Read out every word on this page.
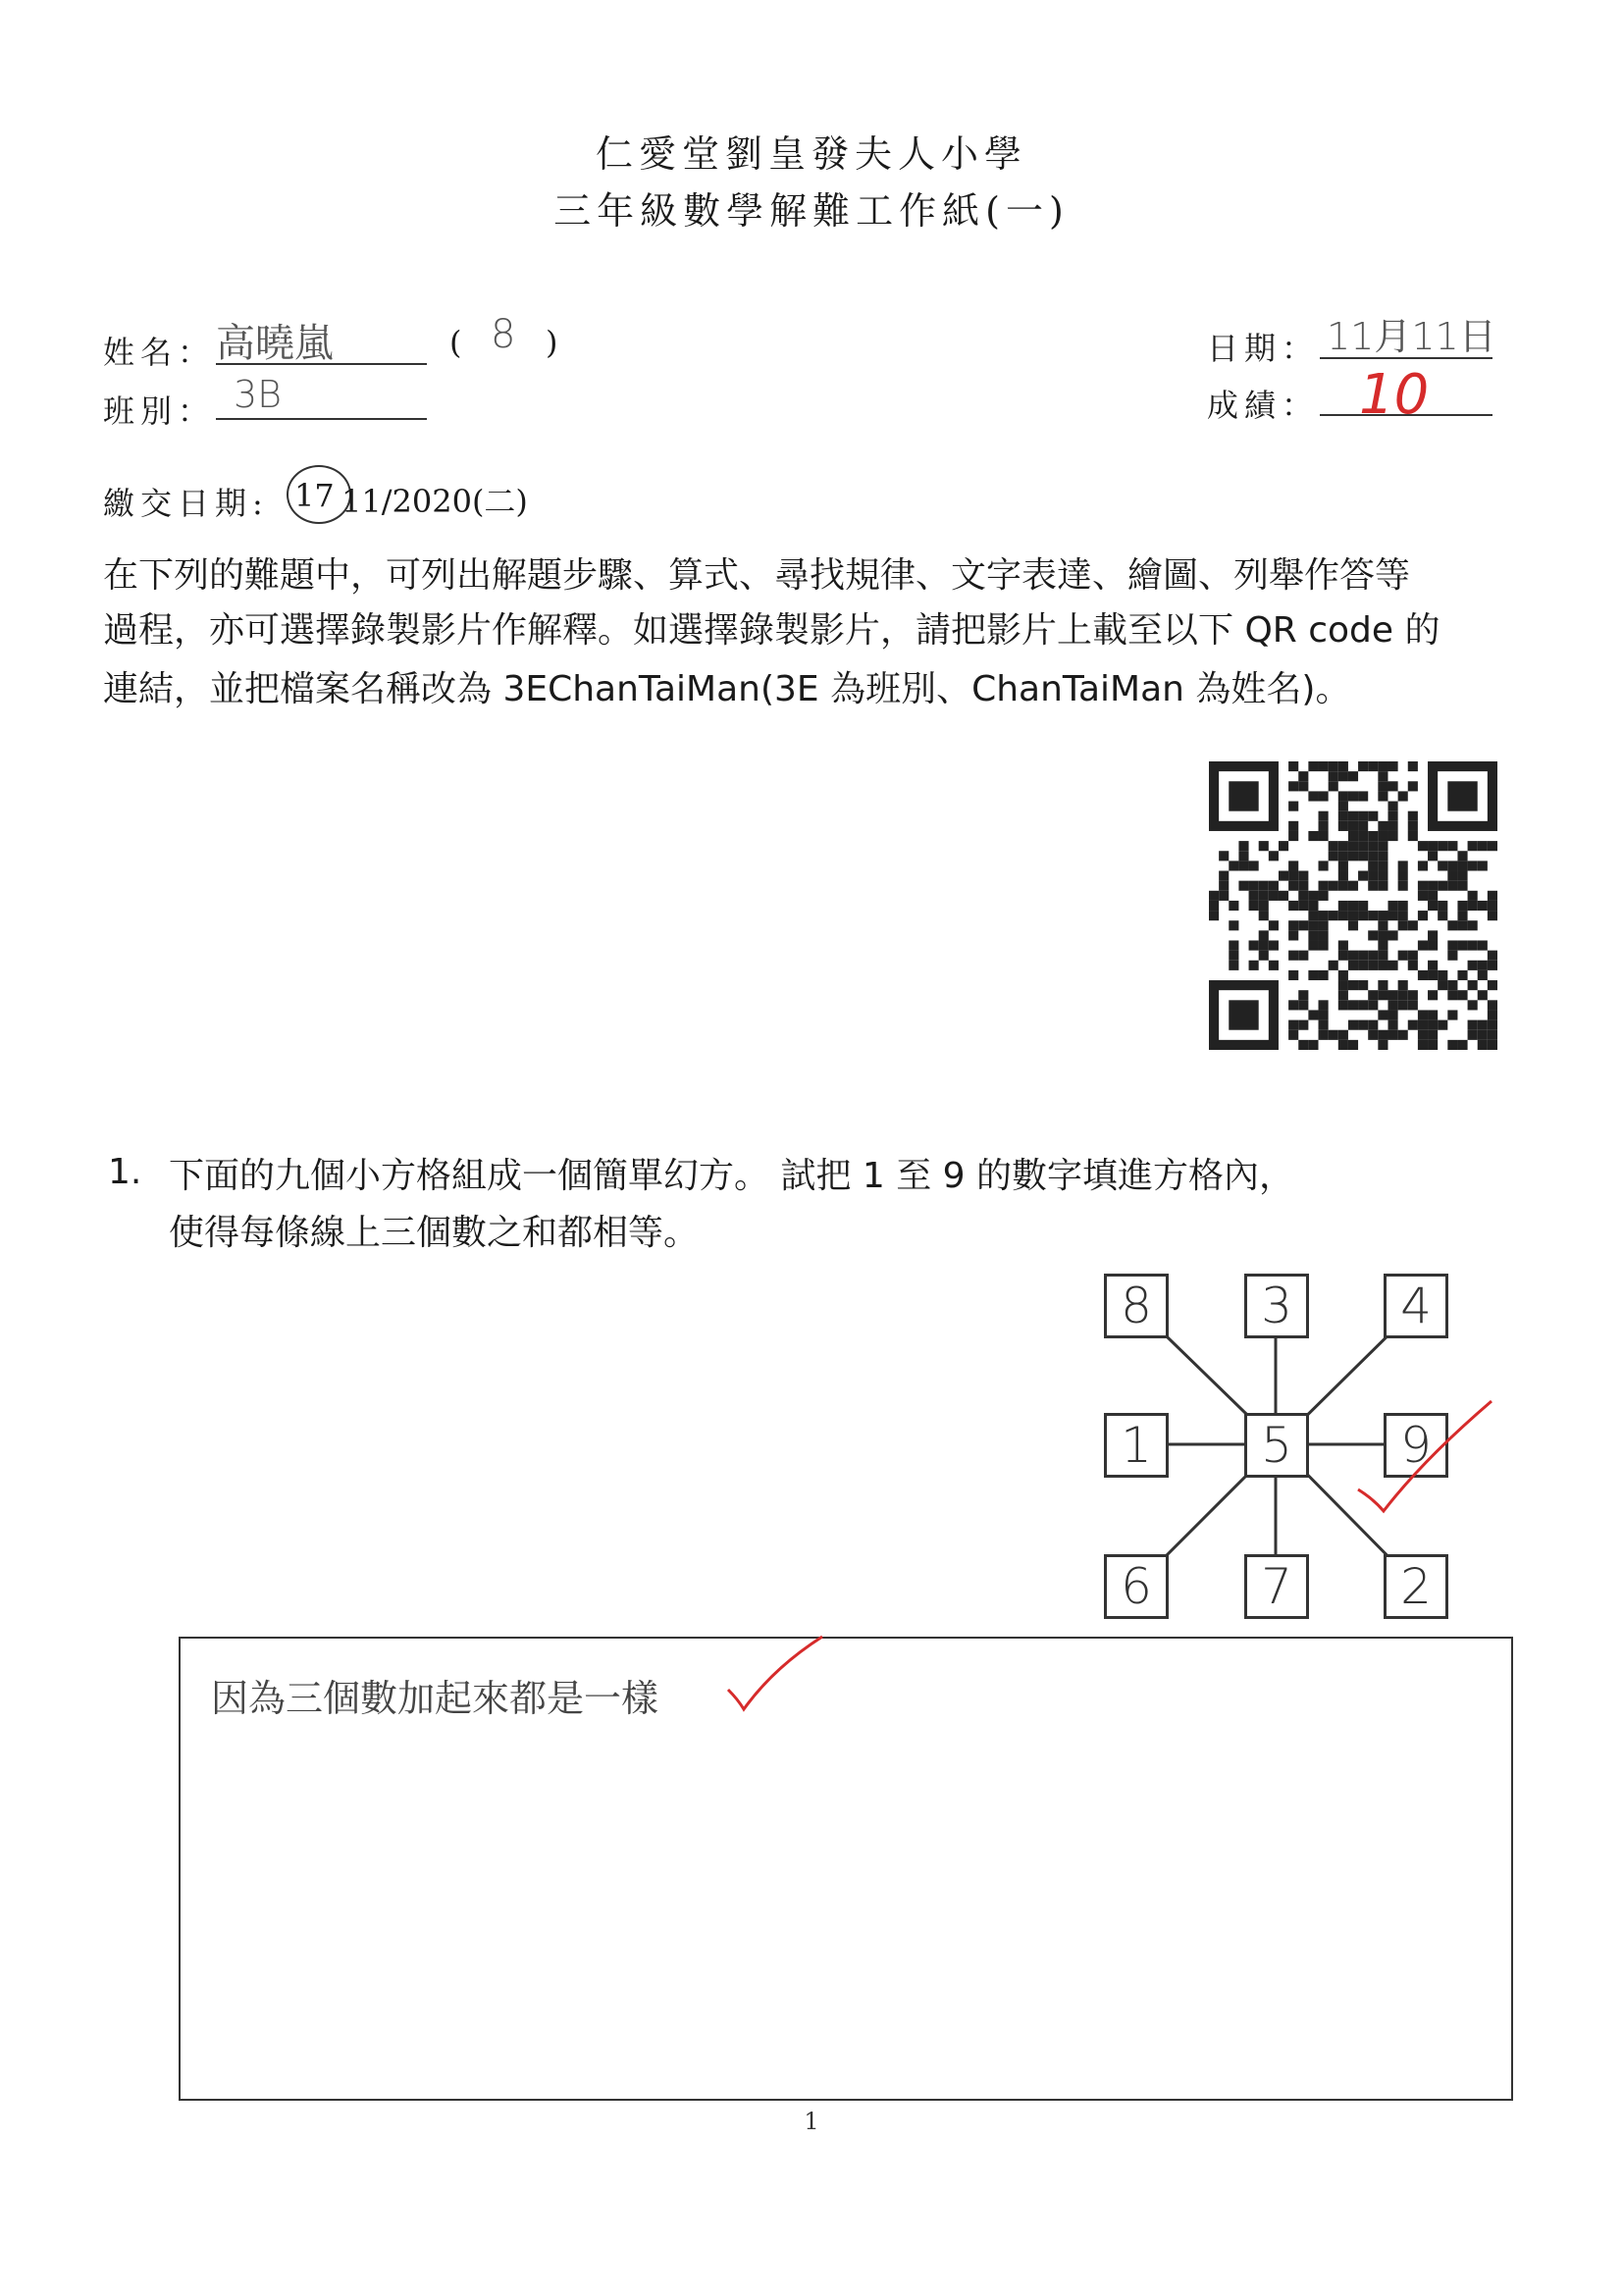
仁愛堂劉皇發夫人小學
三年級數學解難工作紙(一)
姓名： 高曉嵐	( 8 )
班別： 3B
日期： 11月11日
成績： 10
繳交日期: 17 11/2020(二)
在下列的難題中，可列出解題步驟、算式、尋找規律、文字表達、繪圖、列舉作答等
過程，亦可選擇錄製影片作解釋。如選擇錄製影片，請把影片上載至以下 QR code 的
連結，並把檔案名稱改為 3EChanTaiMan(3E 為班別、ChanTaiMan 為姓名)。
1. 下面的九個小方格組成一個簡單幻方。 試把 1 至 9 的數字填進方格內，
使得每條線上三個數之和都相等。
8	3	4
1	5	9
6	7	2
因為三個數加起來都是一樣
1
